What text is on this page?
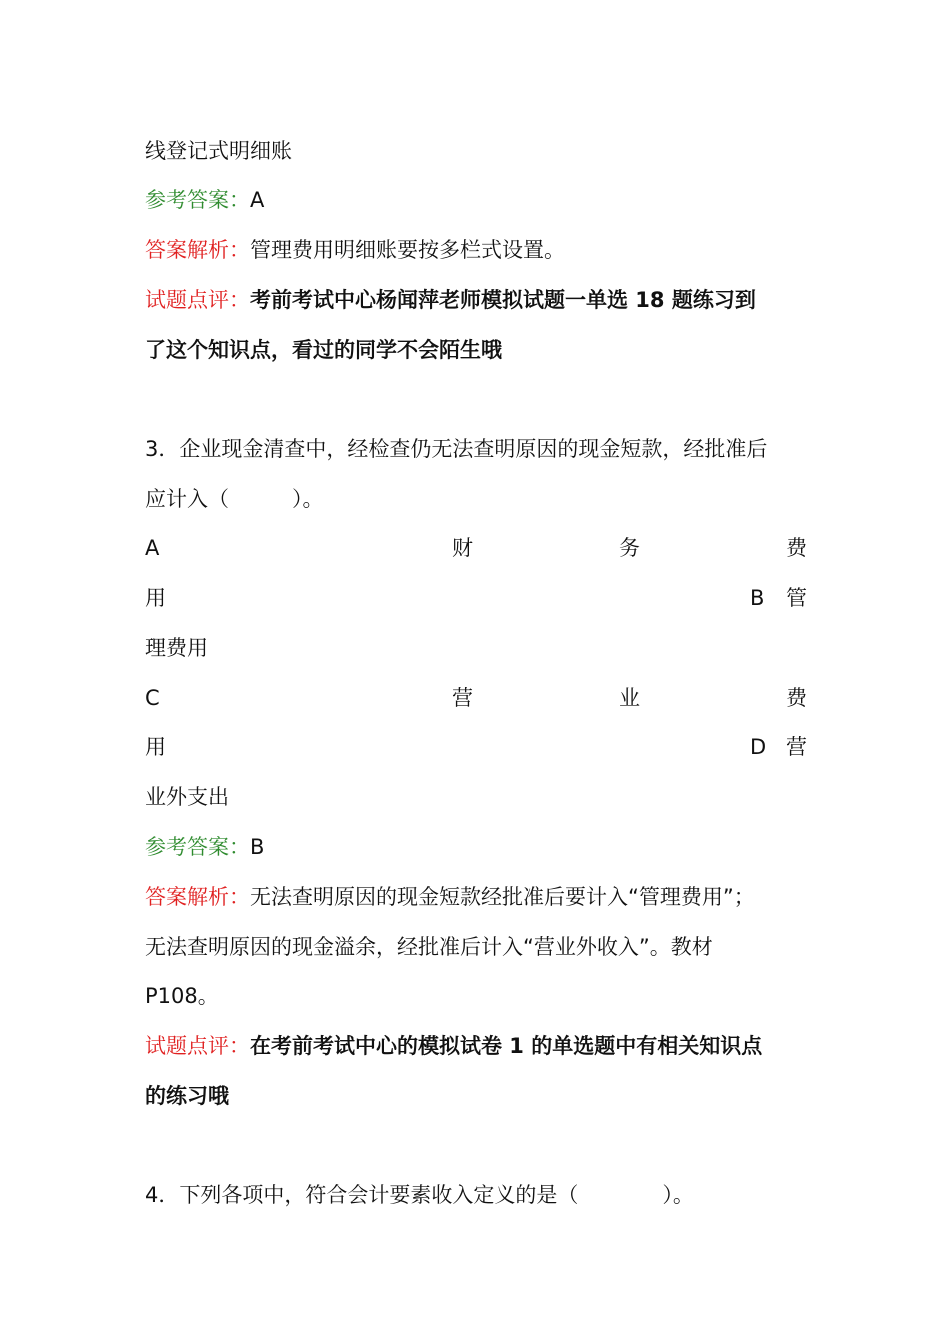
线登记式明细账
参考答案：A
答案解析：管理费用明细账要按多栏式设置。
试题点评：考前考试中心杨闻萍老师模拟试题一单选 18 题练习到
了这个知识点，看过的同学不会陌生哦
3．企业现金清查中，经检查仍无法查明原因的现金短款，经批准后
应计入（　　　）。
A	财	务	费
用	B 管
理费用
C	营	业	费
用	D 营
业外支出
参考答案：B
答案解析：无法查明原因的现金短款经批准后要计入“管理费用”；
无法查明原因的现金溢余，经批准后计入“营业外收入”。教材
P108。
试题点评：在考前考试中心的模拟试卷 1 的单选题中有相关知识点
的练习哦
4．下列各项中，符合会计要素收入定义的是（　　　　）。
